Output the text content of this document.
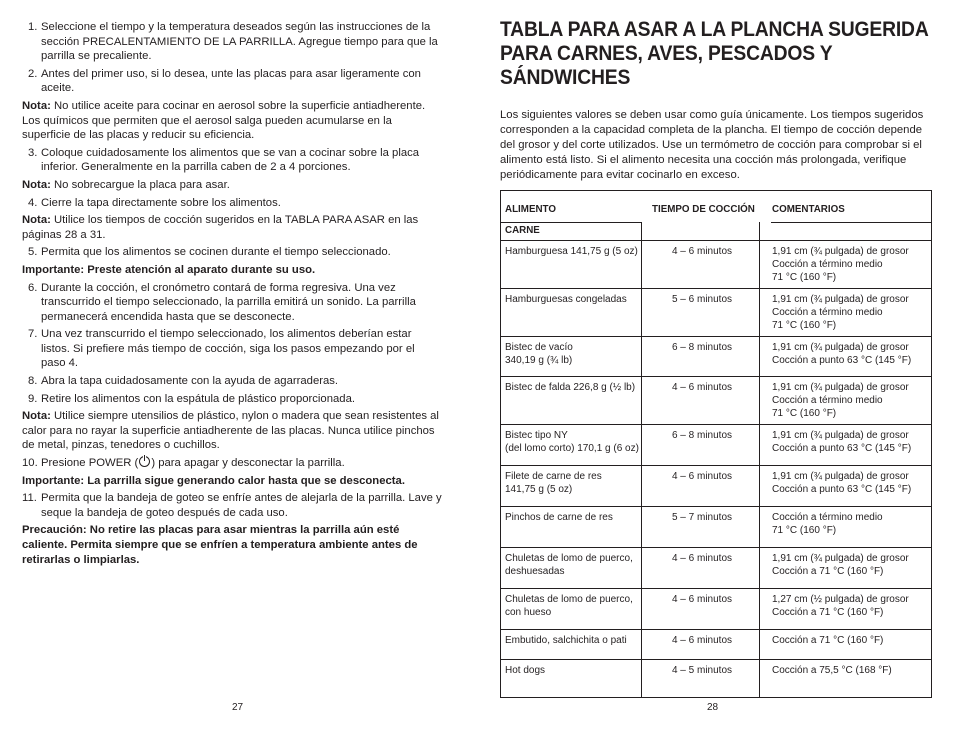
1. Seleccione el tiempo y la temperatura deseados según las instrucciones de la sección PRECALENTAMIENTO DE LA PARRILLA. Agregue tiempo para que la parrilla se precaliente.
2. Antes del primer uso, si lo desea, unte las placas para asar ligeramente con aceite.
Nota: No utilice aceite para cocinar en aerosol sobre la superficie antiadherente. Los químicos que permiten que el aerosol salga pueden acumularse en la superficie de las placas y reducir su eficiencia.
3. Coloque cuidadosamente los alimentos que se van a cocinar sobre la placa inferior. Generalmente en la parrilla caben de 2 a 4 porciones.
Nota: No sobrecargue la placa para asar.
4. Cierre la tapa directamente sobre los alimentos.
Nota: Utilice los tiempos de cocción sugeridos en la TABLA PARA ASAR en las páginas 28 a 31.
5. Permita que los alimentos se cocinen durante el tiempo seleccionado.
Importante: Preste atención al aparato durante su uso.
6. Durante la cocción, el cronómetro contará de forma regresiva. Una vez transcurrido el tiempo seleccionado, la parrilla emitirá un sonido. La parrilla permanecerá encendida hasta que se desconecte.
7. Una vez transcurrido el tiempo seleccionado, los alimentos deberían estar listos. Si prefiere más tiempo de cocción, siga los pasos empezando por el paso 4.
8. Abra la tapa cuidadosamente con la ayuda de agarraderas.
9. Retire los alimentos con la espátula de plástico proporcionada.
Nota: Utilice siempre utensilios de plástico, nylon o madera que sean resistentes al calor para no rayar la superficie antiadherente de las placas. Nunca utilice pinchos de metal, pinzas, tenedores o cuchillos.
10. Presione POWER ( ) para apagar y desconectar la parrilla.
Importante: La parrilla sigue generando calor hasta que se desconecta.
11. Permita que la bandeja de goteo se enfríe antes de alejarla de la parrilla. Lave y seque la bandeja de goteo después de cada uso.
Precaución: No retire las placas para asar mientras la parrilla aún esté caliente. Permita siempre que se enfríen a temperatura ambiente antes de retirarlas o limpiarlas.
27
TABLA PARA ASAR A LA PLANCHA SUGERIDA PARA CARNES, AVES, PESCADOS Y SÁNDWICHES
Los siguientes valores se deben usar como guía únicamente. Los tiempos sugeridos corresponden a la capacidad completa de la plancha. El tiempo de cocción depende del grosor y del corte utilizados. Use un termómetro de cocción para comprobar si el alimento está listo. Si el alimento necesita una cocción más prolongada, verifique periódicamente para evitar cocinarlo en exceso.
ALIMENTO	TIEMPO DE COCCIÓN	COMENTARIOS
CARNE
Hamburguesa 141,75 g (5 oz)	4 – 6 minutos	1,91 cm (¾ pulgada) de grosor
Cocción a término medio
71 °C (160 °F)
Hamburguesas congeladas	5 – 6 minutos	1,91 cm (¾ pulgada) de grosor
Cocción a término medio
71 °C (160 °F)
Bistec de vacío
340,19 g (¾ lb)
6 – 8 minutos	1,91 cm (¾ pulgada) de grosor
Cocción a punto 63 °C (145 °F)
Bistec de falda 226,8 g (½ lb)	4 – 6 minutos	1,91 cm (¾ pulgada) de grosor
Cocción a término medio
71 °C (160 °F)
Bistec tipo NY
(del lomo corto) 170,1 g (6 oz)
6 – 8 minutos	1,91 cm (¾ pulgada) de grosor
Cocción a punto 63 °C (145 °F)
Filete de carne de res
141,75 g (5 oz)
4 – 6 minutos	1,91 cm (¾ pulgada) de grosor
Cocción a punto 63 °C (145 °F)
Pinchos de carne de res	5 – 7 minutos	Cocción a término medio
71 °C (160 °F)
Chuletas de lomo de puerco,
deshuesadas
4 – 6 minutos	1,91 cm (¾ pulgada) de grosor
Cocción a 71 °C (160 °F)
Chuletas de lomo de puerco,
con hueso
4 – 6 minutos	1,27 cm (½ pulgada) de grosor
Cocción a 71 °C (160 °F)
Embutido, salchichita o pati	4 – 6 minutos	Cocción a 71 °C (160 °F)
Hot dogs	4 – 5 minutos	Cocción a 75,5 °C (168 °F)
28
